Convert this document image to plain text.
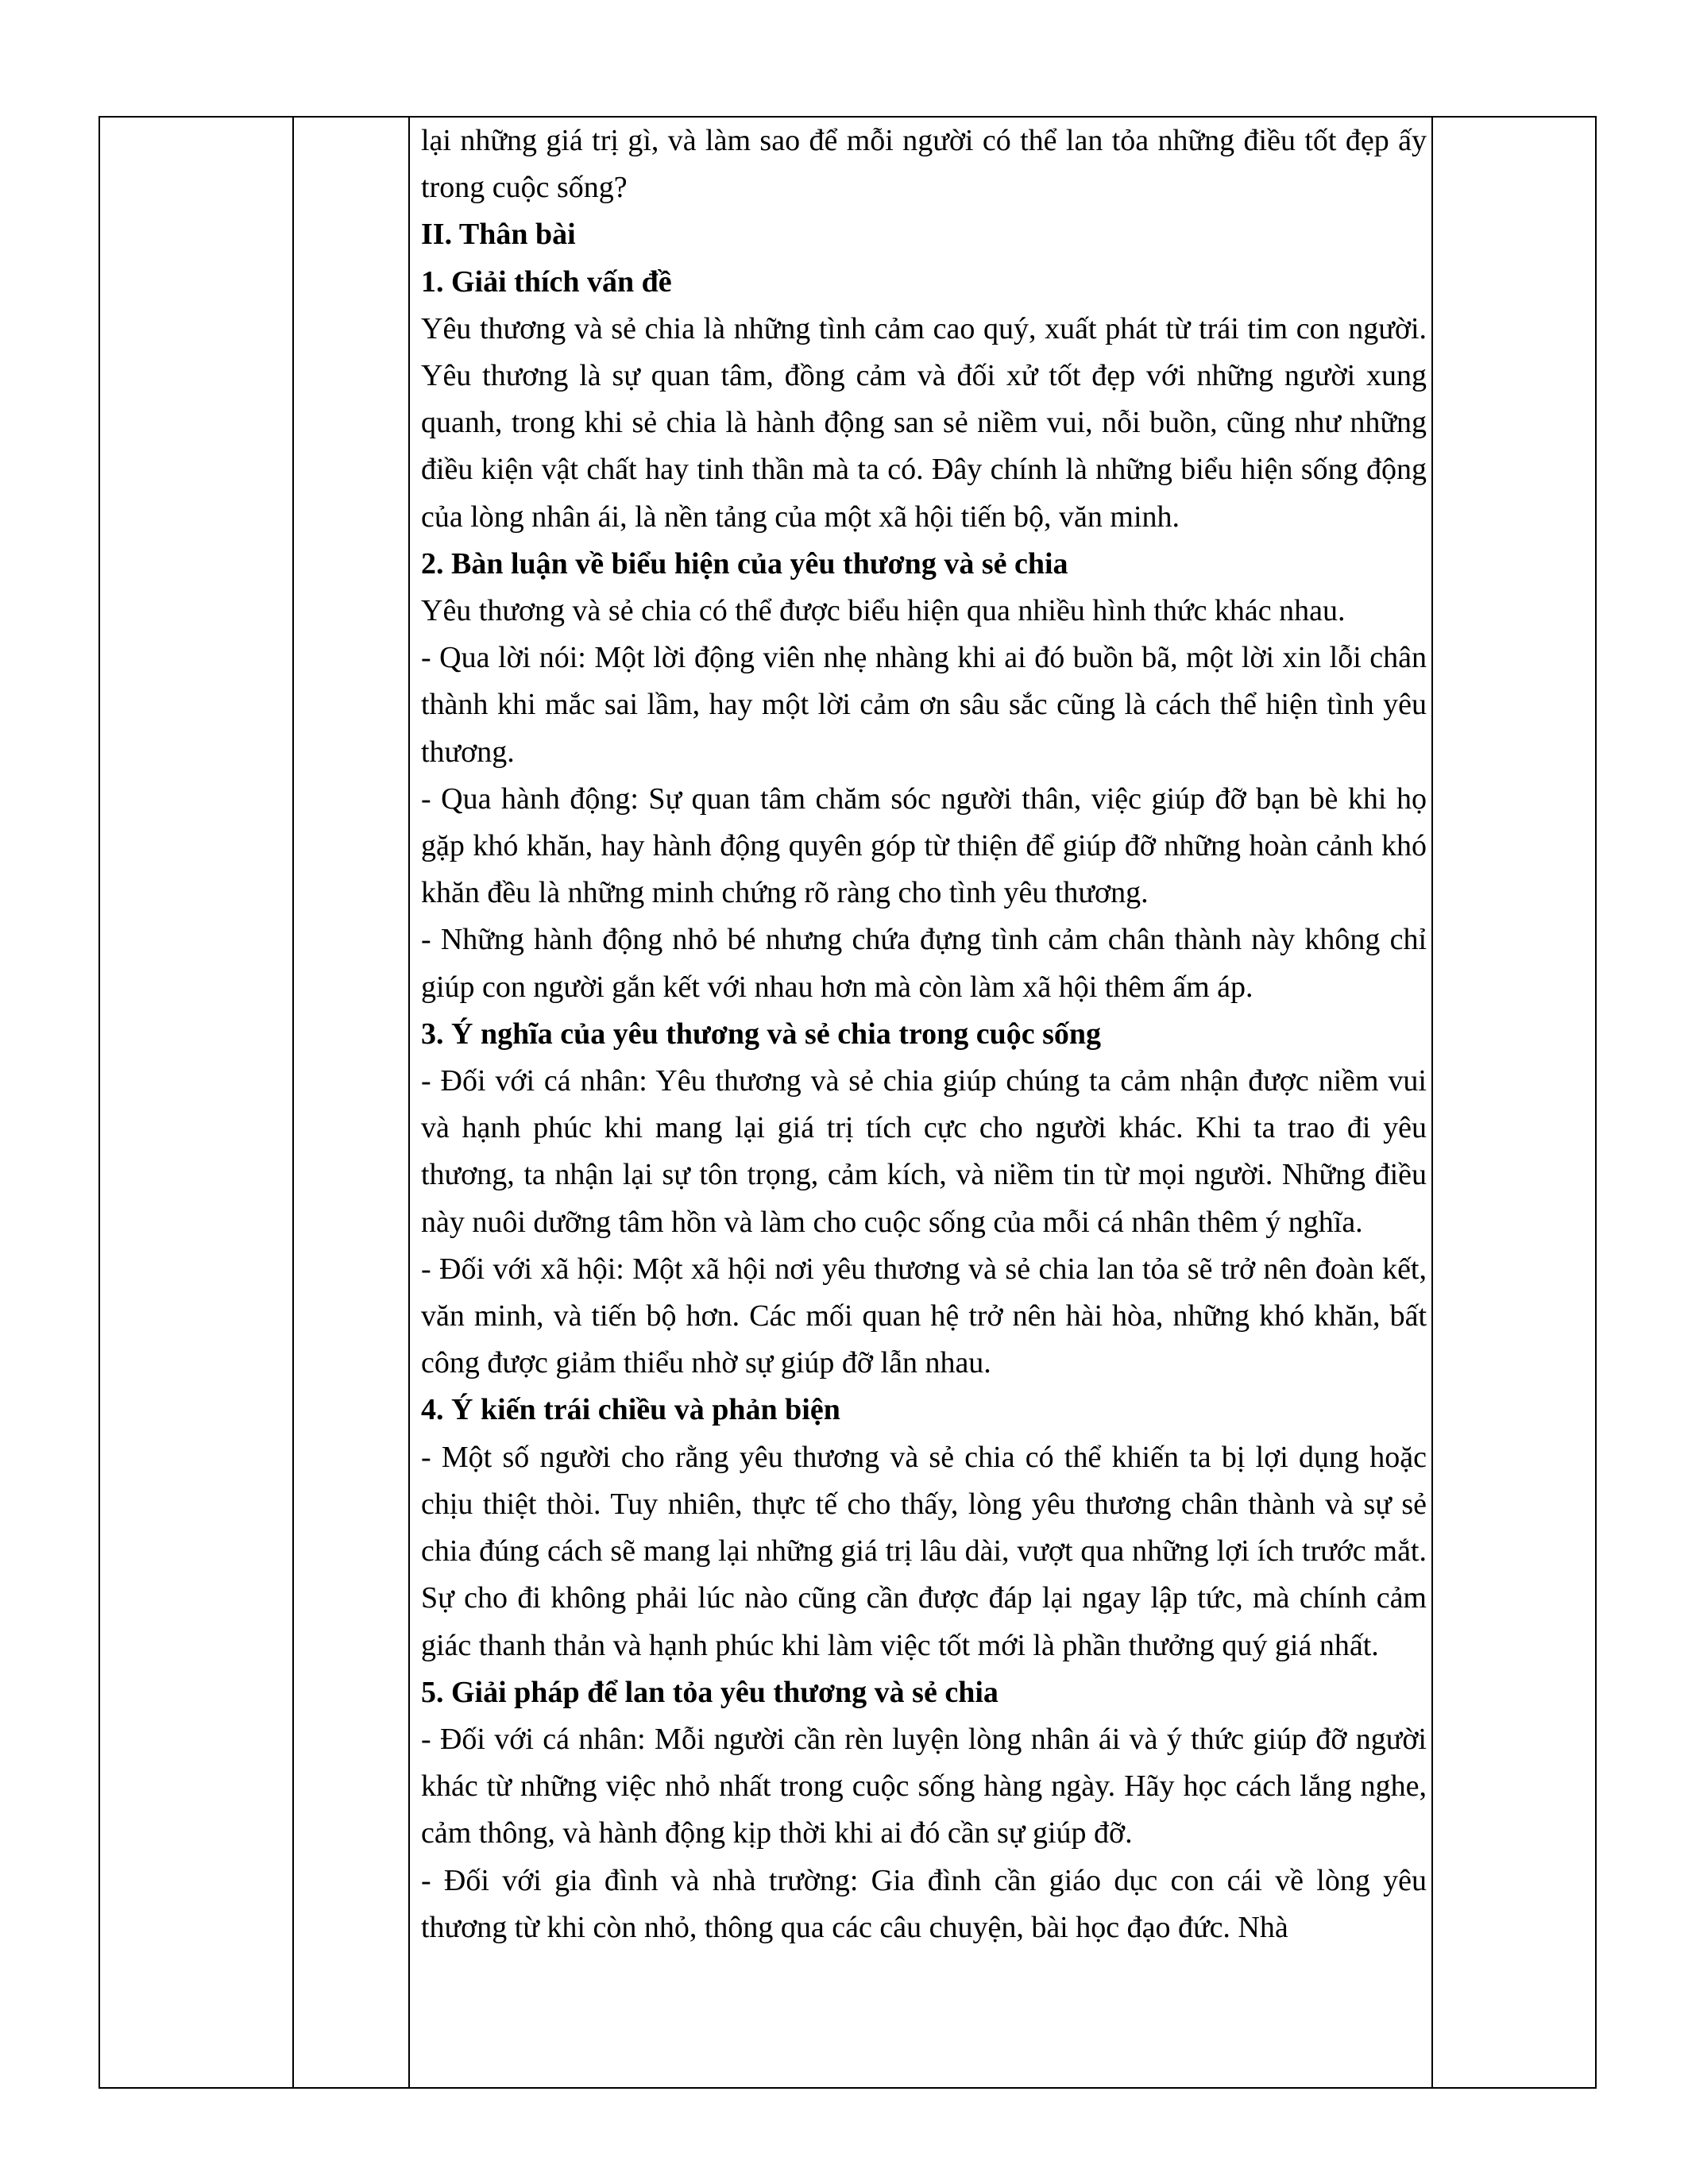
lại những giá trị gì, và làm sao để mỗi người có thể lan tỏa những điều tốt đẹp ấy trong cuộc sống?

II. Thân bài

1. Giải thích vấn đề

Yêu thương và sẻ chia là những tình cảm cao quý, xuất phát từ trái tim con người. Yêu thương là sự quan tâm, đồng cảm và đối xử tốt đẹp với những người xung quanh, trong khi sẻ chia là hành động san sẻ niềm vui, nỗi buồn, cũng như những điều kiện vật chất hay tinh thần mà ta có. Đây chính là những biểu hiện sống động của lòng nhân ái, là nền tảng của một xã hội tiến bộ, văn minh.

2. Bàn luận về biểu hiện của yêu thương và sẻ chia

Yêu thương và sẻ chia có thể được biểu hiện qua nhiều hình thức khác nhau.

- Qua lời nói: Một lời động viên nhẹ nhàng khi ai đó buồn bã, một lời xin lỗi chân thành khi mắc sai lầm, hay một lời cảm ơn sâu sắc cũng là cách thể hiện tình yêu thương.

- Qua hành động: Sự quan tâm chăm sóc người thân, việc giúp đỡ bạn bè khi họ gặp khó khăn, hay hành động quyên góp từ thiện để giúp đỡ những hoàn cảnh khó khăn đều là những minh chứng rõ ràng cho tình yêu thương.

- Những hành động nhỏ bé nhưng chứa đựng tình cảm chân thành này không chỉ giúp con người gắn kết với nhau hơn mà còn làm xã hội thêm ấm áp.

3. Ý nghĩa của yêu thương và sẻ chia trong cuộc sống

- Đối với cá nhân: Yêu thương và sẻ chia giúp chúng ta cảm nhận được niềm vui và hạnh phúc khi mang lại giá trị tích cực cho người khác. Khi ta trao đi yêu thương, ta nhận lại sự tôn trọng, cảm kích, và niềm tin từ mọi người. Những điều này nuôi dưỡng tâm hồn và làm cho cuộc sống của mỗi cá nhân thêm ý nghĩa.

- Đối với xã hội: Một xã hội nơi yêu thương và sẻ chia lan tỏa sẽ trở nên đoàn kết, văn minh, và tiến bộ hơn. Các mối quan hệ trở nên hài hòa, những khó khăn, bất công được giảm thiểu nhờ sự giúp đỡ lẫn nhau.

4. Ý kiến trái chiều và phản biện

- Một số người cho rằng yêu thương và sẻ chia có thể khiến ta bị lợi dụng hoặc chịu thiệt thòi. Tuy nhiên, thực tế cho thấy, lòng yêu thương chân thành và sự sẻ chia đúng cách sẽ mang lại những giá trị lâu dài, vượt qua những lợi ích trước mắt. Sự cho đi không phải lúc nào cũng cần được đáp lại ngay lập tức, mà chính cảm giác thanh thản và hạnh phúc khi làm việc tốt mới là phần thưởng quý giá nhất.

5. Giải pháp để lan tỏa yêu thương và sẻ chia

- Đối với cá nhân: Mỗi người cần rèn luyện lòng nhân ái và ý thức giúp đỡ người khác từ những việc nhỏ nhất trong cuộc sống hàng ngày. Hãy học cách lắng nghe, cảm thông, và hành động kịp thời khi ai đó cần sự giúp đỡ.

- Đối với gia đình và nhà trường: Gia đình cần giáo dục con cái về lòng yêu thương từ khi còn nhỏ, thông qua các câu chuyện, bài học đạo đức. Nhà
